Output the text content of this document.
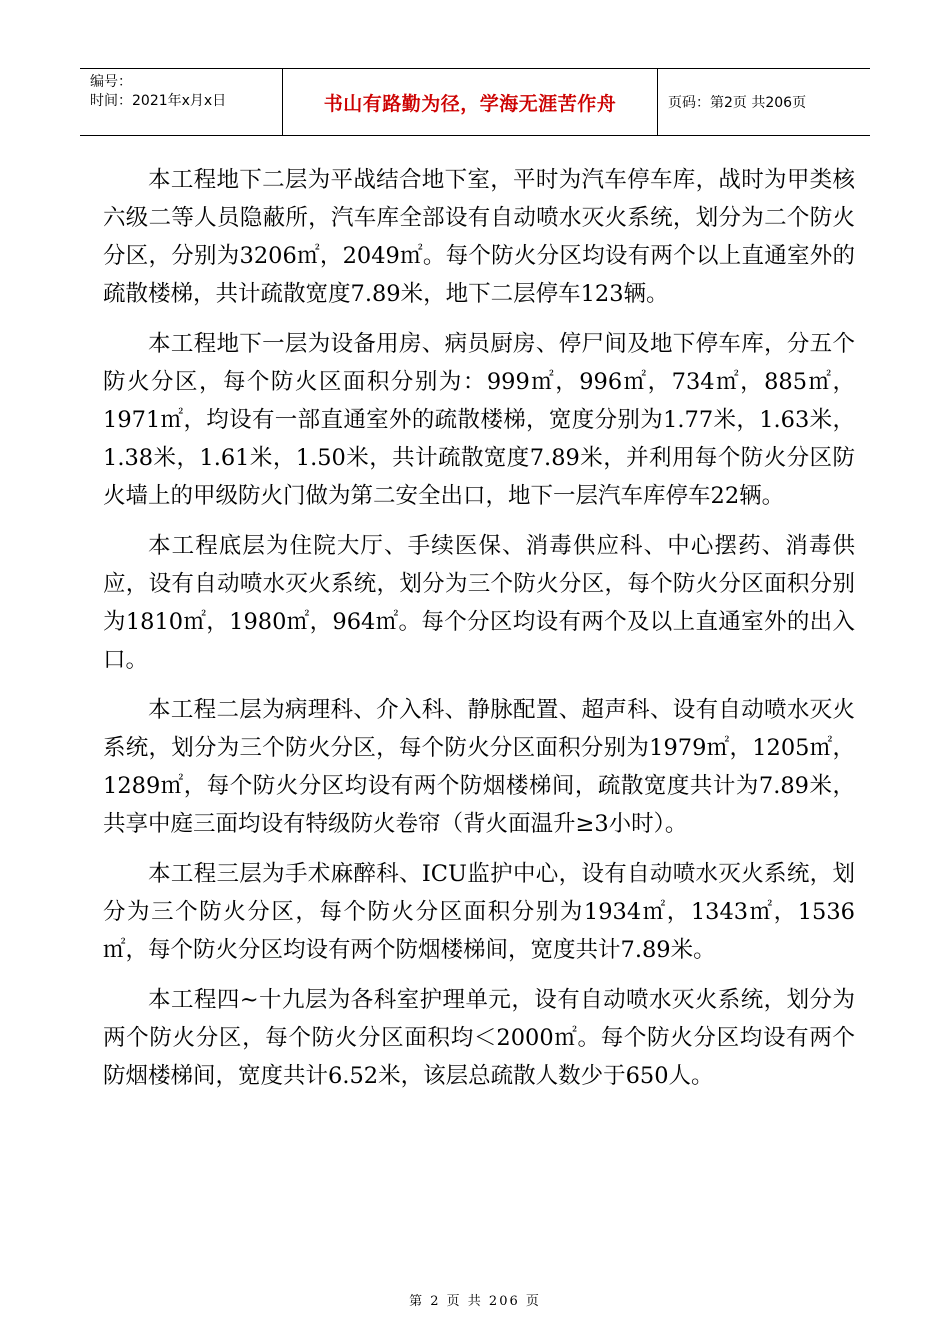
编号：
时间：2021年x月x日	书山有路勤为径，学海无涯苦作舟	页码：第2页 共206页

本工程地下二层为平战结合地下室，平时为汽车停车库，战时为甲类核六级二等人员隐蔽所，汽车库全部设有自动喷水灭火系统，划分为二个防火分区，分别为3206㎡，2049㎡。每个防火分区均设有两个以上直通室外的疏散楼梯，共计疏散宽度7.89米，地下二层停车123辆。

本工程地下一层为设备用房、病员厨房、停尸间及地下停车库，分五个防火分区，每个防火区面积分别为：999㎡，996㎡，734㎡，885㎡，1971㎡，均设有一部直通室外的疏散楼梯，宽度分别为1.77米，1.63米，1.38米，1.61米，1.50米，共计疏散宽度7.89米，并利用每个防火分区防火墙上的甲级防火门做为第二安全出口，地下一层汽车库停车22辆。

本工程底层为住院大厅、手续医保、消毒供应科、中心摆药、消毒供应，设有自动喷水灭火系统，划分为三个防火分区，每个防火分区面积分别为1810㎡，1980㎡，964㎡。每个分区均设有两个及以上直通室外的出入口。

本工程二层为病理科、介入科、静脉配置、超声科、设有自动喷水灭火系统，划分为三个防火分区，每个防火分区面积分别为1979㎡，1205㎡，1289㎡，每个防火分区均设有两个防烟楼梯间，疏散宽度共计为7.89米，共享中庭三面均设有特级防火卷帘（背火面温升≥3小时）。

本工程三层为手术麻醉科、ICU监护中心，设有自动喷水灭火系统，划分为三个防火分区，每个防火分区面积分别为1934㎡，1343㎡，1536㎡，每个防火分区均设有两个防烟楼梯间，宽度共计7.89米。

本工程四~十九层为各科室护理单元，设有自动喷水灭火系统，划分为两个防火分区，每个防火分区面积均＜2000㎡。每个防火分区均设有两个防烟楼梯间，宽度共计6.52米，该层总疏散人数少于650人。

第 2 页 共 206 页
